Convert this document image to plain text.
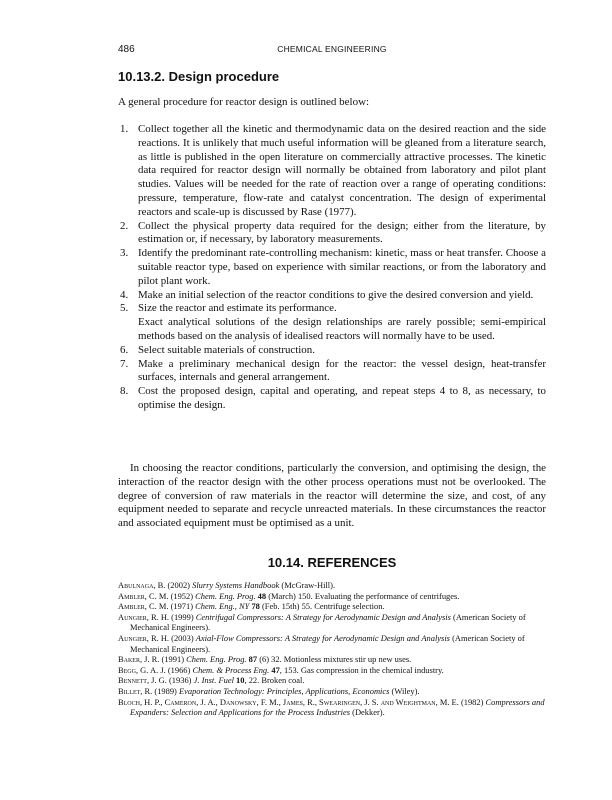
486	CHEMICAL ENGINEERING
10.13.2. Design procedure

A general procedure for reactor design is outlined below:

1. Collect together all the kinetic and thermodynamic data on the desired reaction and the side reactions. It is unlikely that much useful information will be gleaned from a literature search, as little is published in the open literature on commercially attractive processes. The kinetic data required for reactor design will normally be obtained from laboratory and pilot plant studies. Values will be needed for the rate of reaction over a range of operating conditions: pressure, temperature, flow-rate and catalyst concentration. The design of experimental reactors and scale-up is discussed by Rase (1977).
2. Collect the physical property data required for the design; either from the literature, by estimation or, if necessary, by laboratory measurements.
3. Identify the predominant rate-controlling mechanism: kinetic, mass or heat transfer. Choose a suitable reactor type, based on experience with similar reactions, or from the laboratory and pilot plant work.
4. Make an initial selection of the reactor conditions to give the desired conversion and yield.
5. Size the reactor and estimate its performance.
Exact analytical solutions of the design relationships are rarely possible; semi-empirical methods based on the analysis of idealised reactors will normally have to be used.
6. Select suitable materials of construction.
7. Make a preliminary mechanical design for the reactor: the vessel design, heat-transfer surfaces, internals and general arrangement.
8. Cost the proposed design, capital and operating, and repeat steps 4 to 8, as necessary, to optimise the design.

In choosing the reactor conditions, particularly the conversion, and optimising the design, the interaction of the reactor design with the other process operations must not be overlooked. The degree of conversion of raw materials in the reactor will determine the size, and cost, of any equipment needed to separate and recycle unreacted materials. In these circumstances the reactor and associated equipment must be optimised as a unit.

10.14. REFERENCES
Abulnaga, B. (2002) Slurry Systems Handbook (McGraw-Hill).
Ambler, C. M. (1952) Chem. Eng. Prog. 48 (March) 150. Evaluating the performance of centrifuges.
Ambler, C. M. (1971) Chem. Eng., NY 78 (Feb. 15th) 55. Centrifuge selection.
Aungier, R. H. (1999) Centrifugal Compressors: A Strategy for Aerodynamic Design and Analysis (American Society of Mechanical Engineers).
Aungier, R. H. (2003) Axial-Flow Compressors: A Strategy for Aerodynamic Design and Analysis (American Society of Mechanical Engineers).
Baker, J. R. (1991) Chem. Eng. Prog. 87 (6) 32. Motionless mixtures stir up new uses.
Begg, G. A. J. (1966) Chem. & Process Eng. 47, 153. Gas compression in the chemical industry.
Bennett, J. G. (1936) J. Inst. Fuel 10, 22. Broken coal.
Billet, R. (1989) Evaporation Technology: Principles, Applications, Economics (Wiley).
Bloch, H. P., Cameron, J. A., Danowsky, F. M., James, R., Swearingen, J. S. and Weightman, M. E. (1982) Compressors and Expanders: Selection and Applications for the Process Industries (Dekker).
